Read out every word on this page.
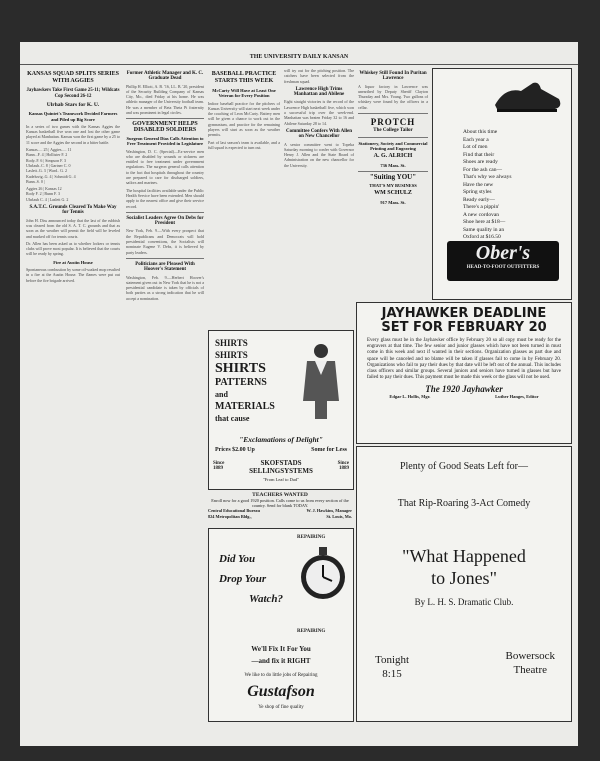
THE UNIVERSITY DAILY KANSAN
KANSAS SQUAD SPLITS SERIES WITH AGGIES
Jayhawkers Take First Game 25-11; Wildcats Cop Second 26-12
Ulrhab Stars for K. U.
Kansas Quintet's Teamwork Decided Farmers and Piled up Big Score

In a series of two games with the Kansas Aggies the Kansas basketball five won one and lost the other game played at Manhattan. Kansas won the first game by a 25 to 11 score and the Aggies the second in a bitter battle.

Kansas..... 25 | Aggies..... 11
Bunn...F. 4 | Hollister F. 2
Rody..F. 6 | Simpson F. 3
Uhrlaub..C. 8 | Gartner C. 0
Laslett..G. 3 | Ward.. G. 2
Kadeluvig..G. 4 | Schmidt G. 4
Bunn..S. 0 |

Aggies 26 | Kansas 12
Rody F. 2 | Bunn F. 3
Uhrlaub C. 4 | Laslett G. 2

S.A.T.C. Grounds Cleared To Make Way for Tennis

John H. Diss announced today that the last of the rubbish was cleared from the old S. A. T. C. grounds and that as soon as the weather will permit the field will be leveled and marked off for tennis courts.

Dr. Allen has been asked as to whether lockers or tennis clubs will prove most popular. It is believed that the courts will be ready by spring.

Fire at Austin House

Spontaneous combustion by some oil-soaked mop resulted in a fire at the Austin House. The flames were put out before the fire brigade arrived.

Former Athletic Manager and K. C. Graduate Dead

Phillip H. Elliott, A. B. '16, LL. B. '20, president of the Security Building Company of Kansas City, Mo., died Friday at his home. He was athletic manager of the University football team. He was a member of Beta Theta Pi fraternity and was prominent in legal circles.

GOVERNMENT HELPS DISABLED SOLDIERS
Surgeon General Dias Calls Attention to Free Treatment Provided in Legislature

Washington, D. C. (Special)—Ex-service men who are disabled by wounds or sickness are entitled to free treatment under government regulations. The surgeon general calls attention to the fact that hospitals throughout the country are prepared to care for discharged soldiers, sailors and marines.

The hospital facilities available under the Public Health Service have been extended. Men should apply to the nearest office and give their service record.

Socialist Leaders Agree On Debs for President

New York, Feb. 9.—With every prospect that the Republicans and Democrats will hold presidential conventions, the Socialists will nominate Eugene V. Debs, it is believed by party leaders.

Politicians are Pleased With Hoover's Statement

Washington, Feb. 9.—Herbert Hoover's statement given out in New York that he is not a presidential candidate is taken by officials of both parties as a strong indication that he will accept a nomination.

BASEBALL PRACTICE STARTS THIS WEEK
McCarty Will Have at Least One Veteran for Every Position

Indoor baseball practice for the pitchers of Kansas University will start next week under the coaching of Leon McCarty. Battery men will be given a chance to work out in the gymnasium, and practice for the remaining players will start as soon as the weather permits.

Part of last season's team is available, and a full squad is expected to turn out.

will try out for the pitching position. The catchers have been selected from the freshman squad.

Lawrence High Trims Manhattan and Abilene

Eight straight victories is the record of the Lawrence High basketball five, which won a successful trip over the week-end. Manhattan was beaten Friday 32 to 16 and Abilene Saturday 28 to 14.

Committee Confers With Allen on New Chancellor

A senior committee went to Topeka Saturday morning to confer with Governor Henry J. Allen and the State Board of Administration on the new chancellor for the University.

Whiskey Still Found In Puritan Lawrence

A liquor factory in Lawrence was unearthed by Deputy Sheriff Clayton Thursday and Mrs. Young. Two gallons of whiskey were found by the officers in a cellar.

PROTCH
The College Tailor
Stationery, Society and Commercial Printing and Engraving
A. G. ALRICH
736 Mass. St.
"Suiting YOU"
THAT'S MY BUSINESS
WM SCHULZ
917 Mass. St.
About this time
Each year a
Lot of men
Find that their
Shoes are ready
For the ash can—
That's why we always
Have the new
Spring styles
Ready early—
There's a pippin'
A new cordovan
Shoe here at $18—
Same quality in an
Oxford at $16.50
Ober's
HEAD-TO-FOOT OUTFITTERS
JAYHAWKER DEADLINE
SET FOR FEBRUARY 20
Every glass must be in the Jayhawker office by February 20 so all copy must be ready for the engravers at that time. The few senior and junior glasses which have not been turned in must come in this week and next if wanted in their sections. Organization glasses as part due and space will be canceled and no blame will be taken if glasses fail to come in by February 20. Organizations who fail to pay their dues by that date will be left out of the annual. This includes class officers and similar groups. Several juniors and seniors have turned in glasses but have failed to pay their dues. This payment must be made this week or the glass will not be used.
The 1920 Jayhawker
Edgar L. Hollis, Mgr.	Luther Hanges, Editor
SHIRTS
SHIRTS
SHIRTS
PATTERNS
and
MATERIALS
that cause
"Exclamations of Delight"
Prices $2.00 Up	Some for Less
Since 1889
SKOFSTADS SELLINGSYSTEMS
Since 1889
"From Leaf to Dad"
TEACHERS WANTED
Enroll now for a good 1920 position. Calls come to us from every section of the country. Send for blank TODAY.
Central Educational Bureau
824 Metropolitan Bldg.,
W. J. Hawkins, Manager
St. Louis, Mo.
Did You
Drop Your
Watch?
REPAIRING
REPAIRING
We'll Fix It For You
—and fix it RIGHT
We like to do little jobs of Repairing
Gustafson
Ye shop of fine quality
Plenty of Good Seats Left for—
That Rip-Roaring 3-Act Comedy
"What Happened
to Jones"
By L. H. S. Dramatic Club.
Tonight
8:15
Bowersock
Theatre
